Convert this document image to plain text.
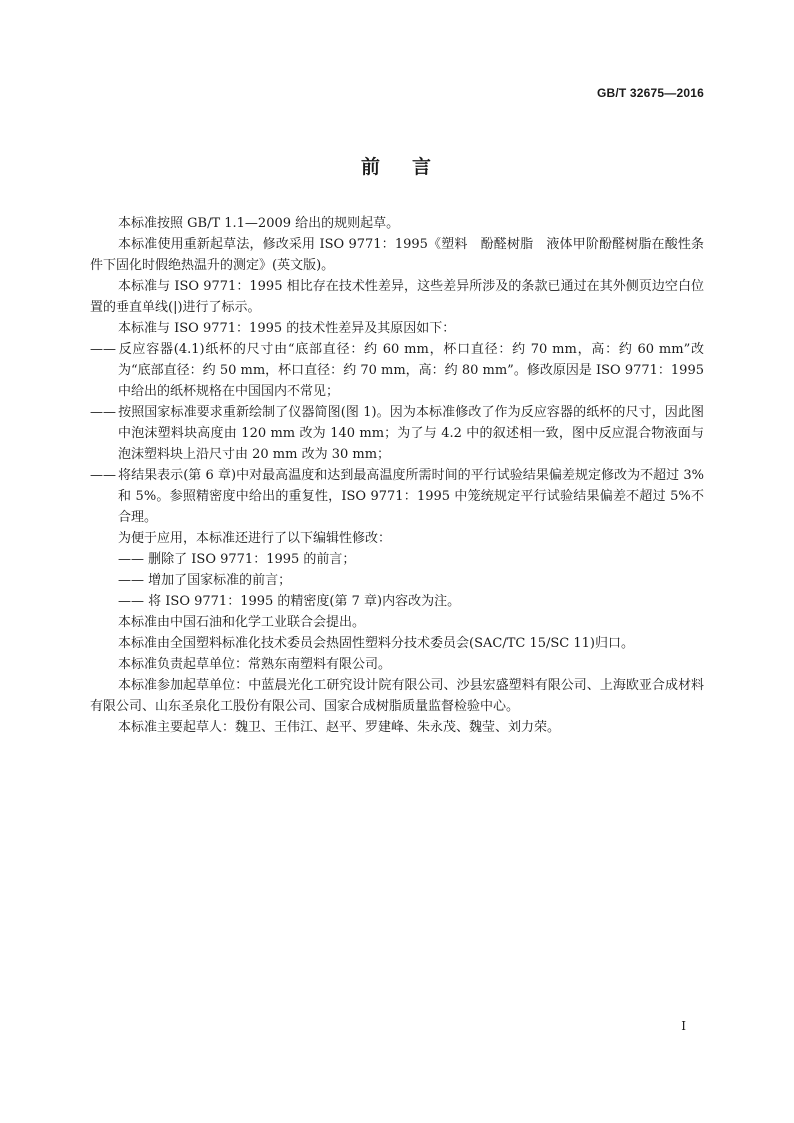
GB/T 32675—2016
前 言

本标准按照 GB/T 1.1—2009 给出的规则起草。

本标准使用重新起草法，修改采用 ISO 9771：1995《塑料　酚醛树脂　液体甲阶酚醛树脂在酸性条件下固化时假绝热温升的测定》(英文版)。

本标准与 ISO 9771：1995 相比存在技术性差异，这些差异所涉及的条款已通过在其外侧页边空白位置的垂直单线(|)进行了标示。

本标准与 ISO 9771：1995 的技术性差异及其原因如下：

—— 反应容器(4.1)纸杯的尺寸由“底部直径：约 60 mm，杯口直径：约 70 mm，高：约 60 mm”改为“底部直径：约 50 mm，杯口直径：约 70 mm，高：约 80 mm”。修改原因是 ISO 9771：1995 中给出的纸杯规格在中国国内不常见；

—— 按照国家标准要求重新绘制了仪器简图(图 1)。因为本标准修改了作为反应容器的纸杯的尺寸，因此图中泡沫塑料块高度由 120 mm 改为 140 mm；为了与 4.2 中的叙述相一致，图中反应混合物液面与泡沫塑料块上沿尺寸由 20 mm 改为 30 mm；

—— 将结果表示(第 6 章)中对最高温度和达到最高温度所需时间的平行试验结果偏差规定修改为不超过 3%和 5%。参照精密度中给出的重复性，ISO 9771：1995 中笼统规定平行试验结果偏差不超过 5%不合理。

为便于应用，本标准还进行了以下编辑性修改：

—— 删除了 ISO 9771：1995 的前言；

—— 增加了国家标准的前言；

—— 将 ISO 9771：1995 的精密度(第 7 章)内容改为注。

本标准由中国石油和化学工业联合会提出。

本标准由全国塑料标准化技术委员会热固性塑料分技术委员会(SAC/TC 15/SC 11)归口。

本标准负责起草单位：常熟东南塑料有限公司。

本标准参加起草单位：中蓝晨光化工研究设计院有限公司、沙县宏盛塑料有限公司、上海欧亚合成材料有限公司、山东圣泉化工股份有限公司、国家合成树脂质量监督检验中心。

本标准主要起草人：魏卫、王伟江、赵平、罗建峰、朱永茂、魏莹、刘力荣。

I
